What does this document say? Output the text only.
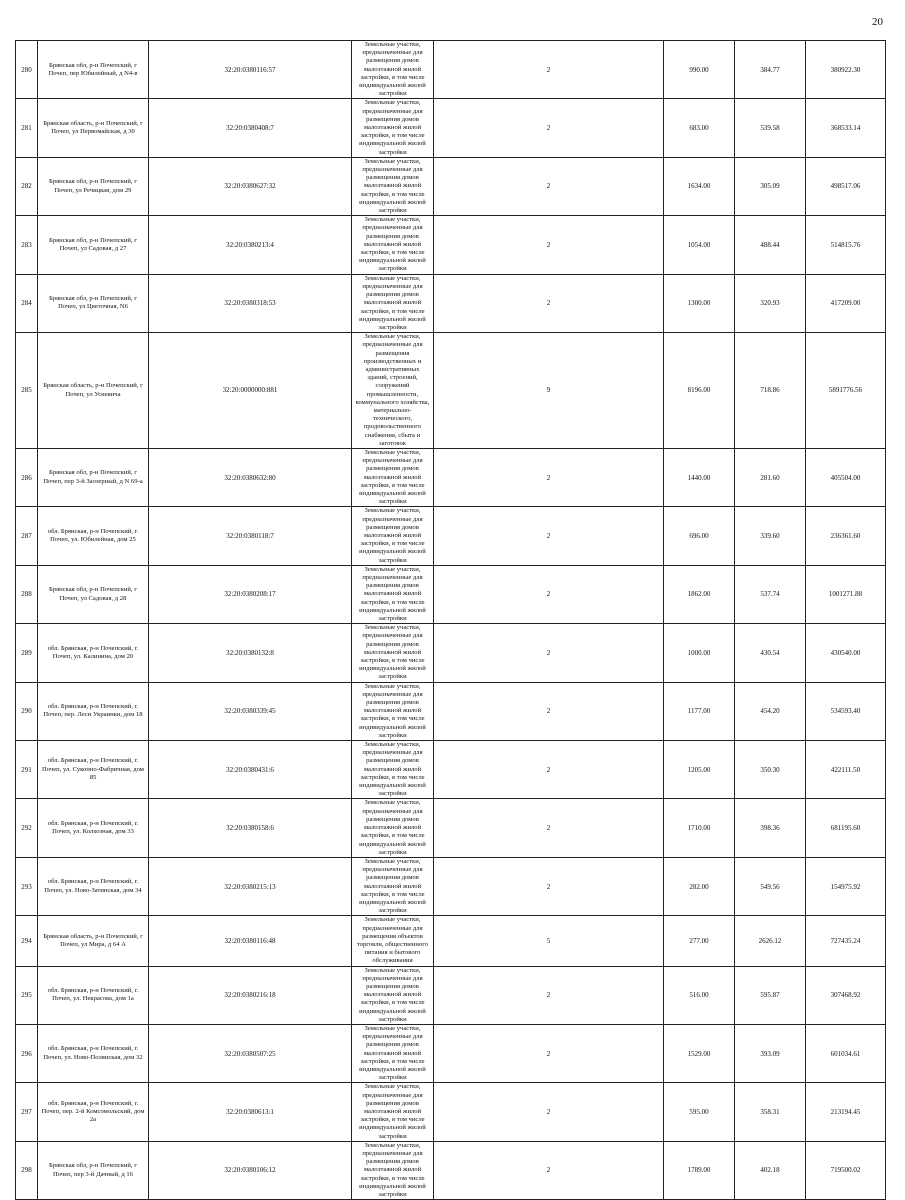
20
280	Брянская обл, р-н Почепский, г Почеп, пер Юбилейный, д N4-в	32:20:0380116:57	Земельные участки, предназначенные для размещения домов малоэтажной жилой застройки, в том числе индивидуальной жилой застройки	2	990.00	384.77	380922.30
281	Брянская область, р-н Почепский, г Почеп, ул Первомайская, д 30	32:20:0380408:7	Земельные участки, предназначенные для размещения домов малоэтажной жилой застройки, в том числе индивидуальной жилой застройки	2	683.00	539.58	368533.14
282	Брянская обл, р-н Почепский, г Почеп, ул Речицкая, дом 29	32:20:0380627:32	Земельные участки, предназначенные для размещения домов малоэтажной жилой застройки, в том числе индивидуальной жилой застройки	2	1634.00	305.09	498517.06
283	Брянская обл, р-н Почепский, г Почеп, ул Садовая, д 27	32:20:0380213:4	Земельные участки, предназначенные для размещения домов малоэтажной жилой застройки, в том числе индивидуальной жилой застройки	2	1054.00	488.44	514815.76
284	Брянская обл, р-н Почепский, г Почеп, ул Цветочная, N6	32:20:0380318:53	Земельные участки, предназначенные для размещения домов малоэтажной жилой застройки, в том числе индивидуальной жилой застройки	2	1300.00	320.93	417209.00
285	Брянская область, р-н Почепский, г Почеп, ул Усиевича	32:20:0000000:881	Земельные участки, предназначенные для размещения производственных и административных зданий, строений, сооружений промышленности, коммунального хозяйства, материально-технического, продовольственного снабжения, сбыта и заготовок	9	8196.00	718.86	5891776.56
286	Брянская обл, р-н Почепский, г Почеп, пер 3-й Заозерный, д N 69-а	32:20:0380632:80	Земельные участки, предназначенные для размещения домов малоэтажной жилой застройки, в том числе индивидуальной жилой застройки	2	1440.00	281.60	405504.00
287	обл. Брянская, р-н Почепский, г. Почеп, ул. Юбилейная, дом 25	32:20:0380118:7	Земельные участки, предназначенные для размещения домов малоэтажной жилой застройки, в том числе индивидуальной жилой застройки	2	696.00	339.60	236361.60
288	Брянская обл, р-н Почепский, г Почеп, ул Садовая, д 28	32:20:0380208:17	Земельные участки, предназначенные для размещения домов малоэтажной жилой застройки, в том числе индивидуальной жилой застройки	2	1862.00	537.74	1001271.88
289	обл. Брянская, р-н Почепский, г. Почеп, ул. Калинина, дом 20	32:20:0380132:8	Земельные участки, предназначенные для размещения домов малоэтажной жилой застройки, в том числе индивидуальной жилой застройки	2	1000.00	430.54	430540.00
290	обл. Брянская, р-н Почепский, г. Почеп, пер. Леси Украинки, дом 18	32:20:0380339:45	Земельные участки, предназначенные для размещения домов малоэтажной жилой застройки, в том числе индивидуальной жилой застройки	2	1177.00	454.20	534593.40
291	обл. Брянская, р-н Почепский, г. Почеп, ул. Суконно-Фабричная, дом 85	32:20:0380431:6	Земельные участки, предназначенные для размещения домов малоэтажной жилой застройки, в том числе индивидуальной жилой застройки	2	1205.00	350.30	422111.50
292	обл. Брянская, р-н Почепский, г. Почеп, ул. Колхозная, дом 33	32:20:0380158:6	Земельные участки, предназначенные для размещения домов малоэтажной жилой застройки, в том числе индивидуальной жилой застройки	2	1710.00	398.36	681195.60
293	обл. Брянская, р-н Почепский, г. Почеп, ул. Ново-Затинская, дом 34	32:20:0380215:13	Земельные участки, предназначенные для размещения домов малоэтажной жилой застройки, в том числе индивидуальной жилой застройки	2	282.00	549.56	154975.92
294	Брянская область, р-н Почепский, г Почеп, ул Мира, д 64 А	32:20:0380116:48	Земельные участки, предназначенные для размещения объектов торговли, общественного питания и бытового обслуживания	5	277.00	2626.12	727435.24
295	обл. Брянская, р-н Почепский, г. Почеп, ул. Некрасова, дом 1а	32:20:0380216:18	Земельные участки, предназначенные для размещения домов малоэтажной жилой застройки, в том числе индивидуальной жилой застройки	2	516.00	595.87	307468.92
296	обл. Брянская, р-н Почепский, г. Почеп, ул. Ново-Полянская, дом 32	32:20:0380507:25	Земельные участки, предназначенные для размещения домов малоэтажной жилой застройки, в том числе индивидуальной жилой застройки	2	1529.00	393.09	601034.61
297	обл. Брянская, р-н Почепский, г. Почеп, пер. 2-й Комсомольский, дом 2а	32:20:0380613:1	Земельные участки, предназначенные для размещения домов малоэтажной жилой застройки, в том числе индивидуальной жилой застройки	2	595.00	358.31	213194.45
298	Брянская обл, р-н Почепский, г Почеп, пер 3-й Дачный, д 16	32:20:0380106:12	Земельные участки, предназначенные для размещения домов малоэтажной жилой застройки, в том числе индивидуальной жилой застройки	2	1789.00	402.18	719500.02
